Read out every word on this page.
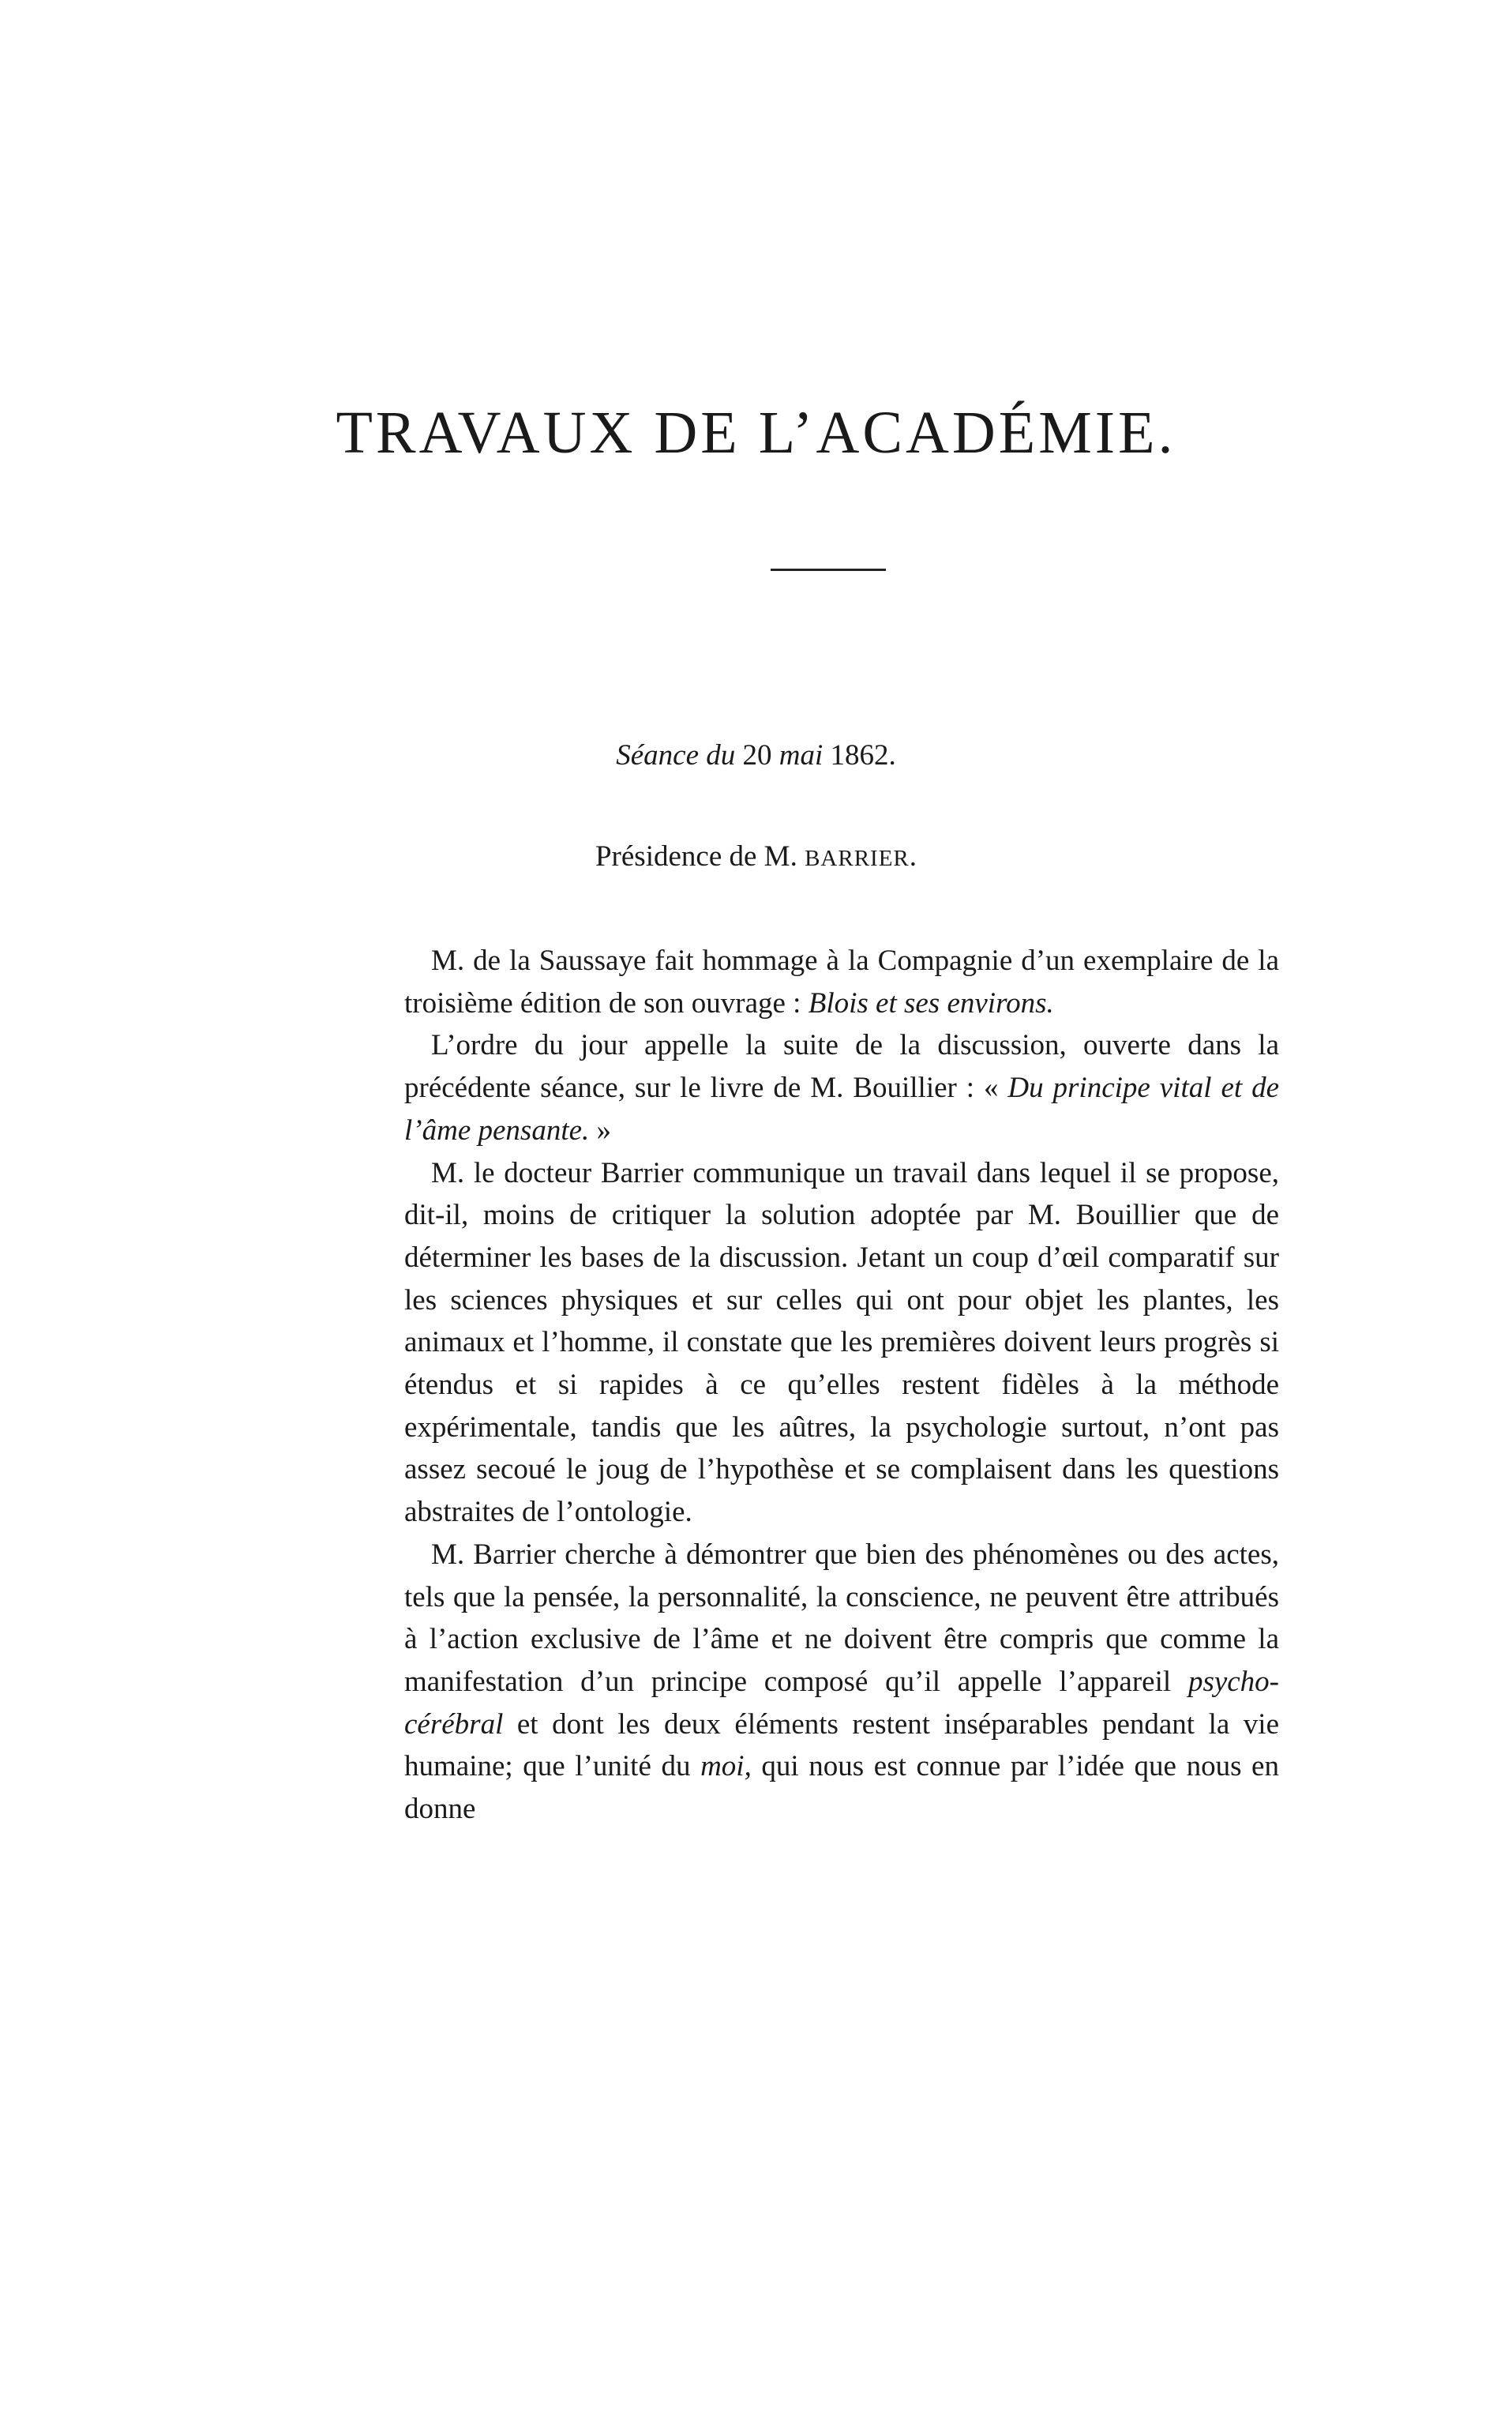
TRAVAUX DE L’ACADÉMIE.
Séance du 20 mai 1862.
Présidence de M. BARRIER.

M. de la Saussaye fait hommage à la Compagnie d’un exemplaire de la troisième édition de son ouvrage : Blois et ses environs.

L’ordre du jour appelle la suite de la discussion, ouverte dans la précédente séance, sur le livre de M. Bouillier : « Du principe vital et de l’âme pensante. »

M. le docteur Barrier communique un travail dans lequel il se propose, dit-il, moins de critiquer la solution adoptée par M. Bouillier que de déterminer les bases de la discussion. Jetant un coup d’œil comparatif sur les sciences physiques et sur celles qui ont pour objet les plantes, les animaux et l’homme, il constate que les premières doivent leurs progrès si étendus et si rapides à ce qu’elles restent fidèles à la méthode expérimentale, tandis que les aûtres, la psychologie surtout, n’ont pas assez secoué le joug de l’hypothèse et se complaisent dans les questions abstraites de l’ontologie.

M. Barrier cherche à démontrer que bien des phénomènes ou des actes, tels que la pensée, la personnalité, la conscience, ne peuvent être attribués à l’action exclusive de l’âme et ne doivent être compris que comme la manifestation d’un principe composé qu’il appelle l’appareil psycho-cérébral et dont les deux éléments restent inséparables pendant la vie humaine; que l’unité du moi, qui nous est connue par l’idée que nous en donne
